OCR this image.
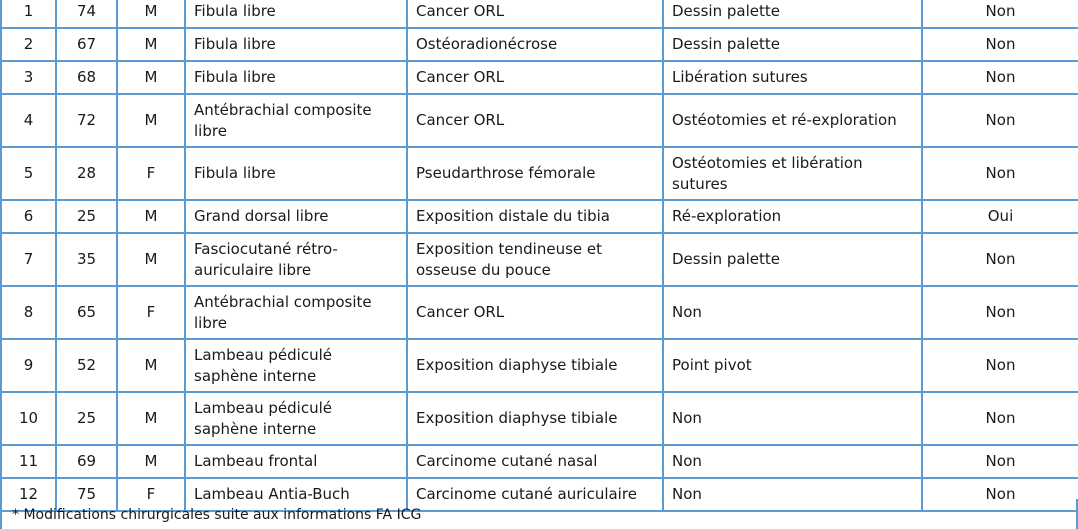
1	74	M	Fibula libre	Cancer ORL	Dessin palette	Non
2	67	M	Fibula libre	Ostéoradionécrose	Dessin palette	Non
3	68	M	Fibula libre	Cancer ORL	Libération sutures	Non
4	72	M	Antébrachial composite libre	Cancer ORL	Ostéotomies et ré-exploration	Non
5	28	F	Fibula libre	Pseudarthrose fémorale	Ostéotomies et libération sutures	Non
6	25	M	Grand dorsal libre	Exposition distale du tibia	Ré-exploration	Oui
7	35	M	Fasciocutané rétro-auriculaire libre	Exposition tendineuse et osseuse du pouce	Dessin palette	Non
8	65	F	Antébrachial composite libre	Cancer ORL	Non	Non
9	52	M	Lambeau pédiculé saphène interne	Exposition diaphyse tibiale	Point pivot	Non
10	25	M	Lambeau pédiculé saphène interne	Exposition diaphyse tibiale	Non	Non
11	69	M	Lambeau frontal	Carcinome cutané nasal	Non	Non
12	75	F	Lambeau Antia-Buch	Carcinome cutané auriculaire	Non	Non
* Modifications chirurgicales suite aux informations FA ICG
